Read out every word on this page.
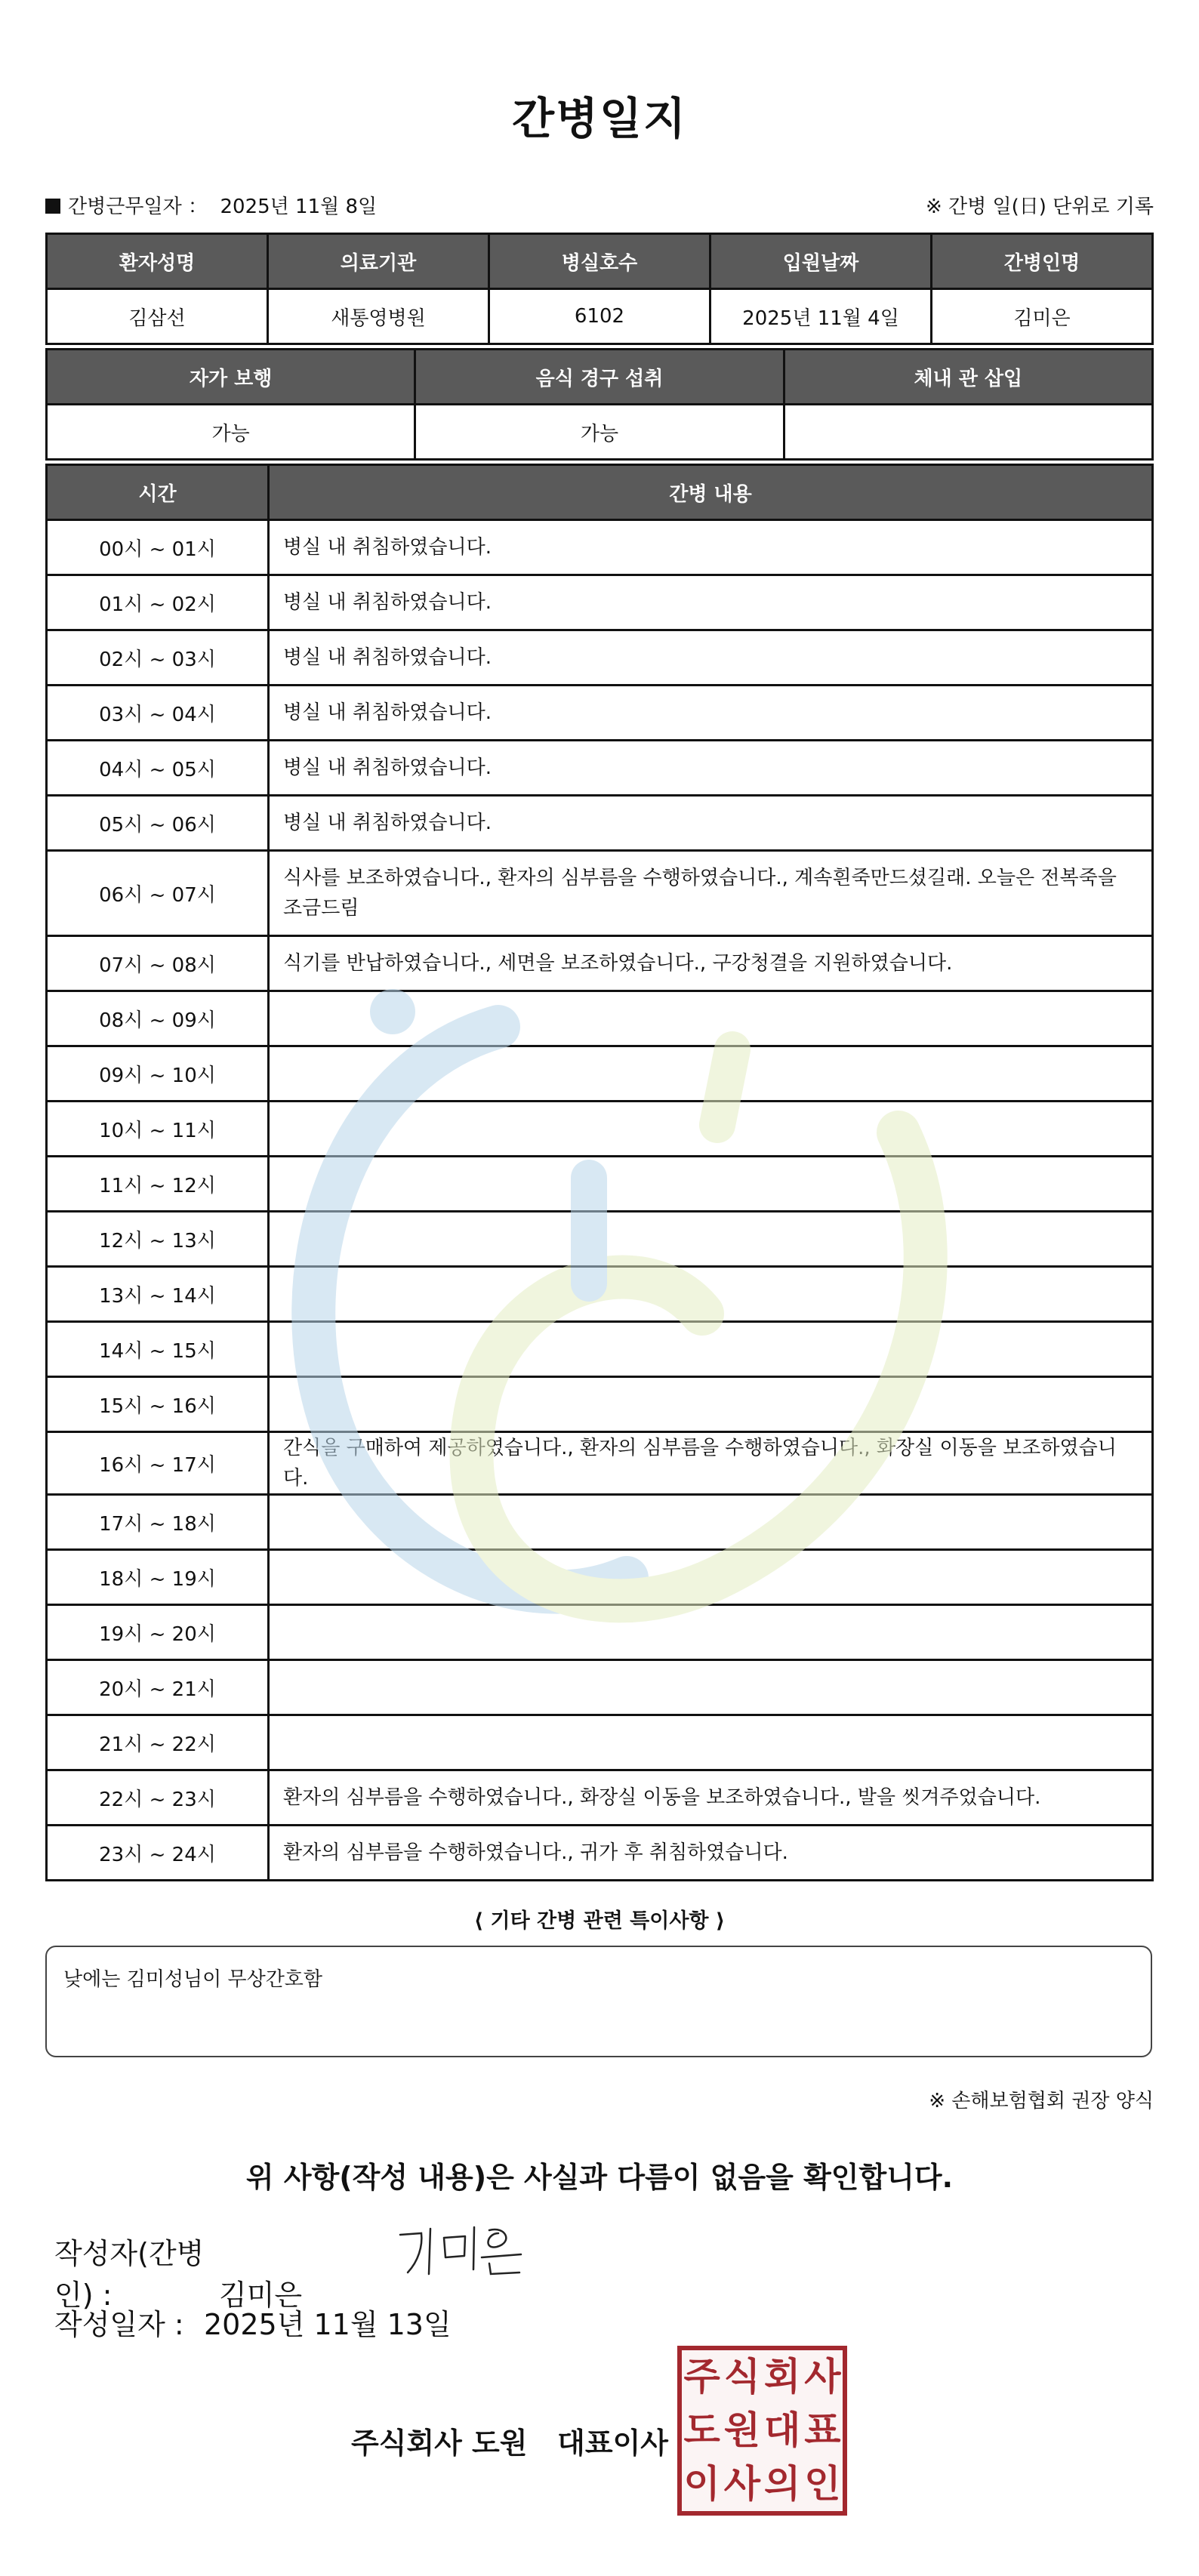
간병일지
간병근무일자 ： 2025년 11월 8일	※ 간병 일(日) 단위로 기록
환자성명	의료기관	병실호수	입원날짜	간병인명
김삼선	새통영병원	6102	2025년 11월 4일	김미은
자가 보행	음식 경구 섭취	체내 관 삽입
가능	가능	
시간	간병 내용
00시 ~ 01시	병실 내 취침하였습니다.
01시 ~ 02시	병실 내 취침하였습니다.
02시 ~ 03시	병실 내 취침하였습니다.
03시 ~ 04시	병실 내 취침하였습니다.
04시 ~ 05시	병실 내 취침하였습니다.
05시 ~ 06시	병실 내 취침하였습니다.
06시 ~ 07시	식사를 보조하였습니다., 환자의 심부름을 수행하였습니다., 계속흰죽만드셨길래. 오늘은 전복죽을 조금드림
07시 ~ 08시	식기를 반납하였습니다., 세면을 보조하였습니다., 구강청결을 지원하였습니다.
08시 ~ 09시	
09시 ~ 10시	
10시 ~ 11시	
11시 ~ 12시	
12시 ~ 13시	
13시 ~ 14시	
14시 ~ 15시	
15시 ~ 16시	
16시 ~ 17시	간식을 구매하여 제공하였습니다., 환자의 심부름을 수행하였습니다., 화장실 이동을 보조하였습니다.
17시 ~ 18시	
18시 ~ 19시	
19시 ~ 20시	
20시 ~ 21시	
21시 ~ 22시	
22시 ~ 23시	환자의 심부름을 수행하였습니다., 화장실 이동을 보조하였습니다., 발을 씻겨주었습니다.
23시 ~ 24시	환자의 심부름을 수행하였습니다., 귀가 후 취침하였습니다.
⟨ 기타 간병 관련 특이사항 ⟩
낮에는 김미성님이 무상간호함
※ 손해보험협회 권장 양식
위 사항(작성 내용)은 사실과 다름이 없음을 확인합니다.
작성자(간병인) :	김미은
작성일자 : 2025년 11월 13일
주식회사 도원   대표이사
주 식 회 사
도 원 대 표
이 사 의 인
